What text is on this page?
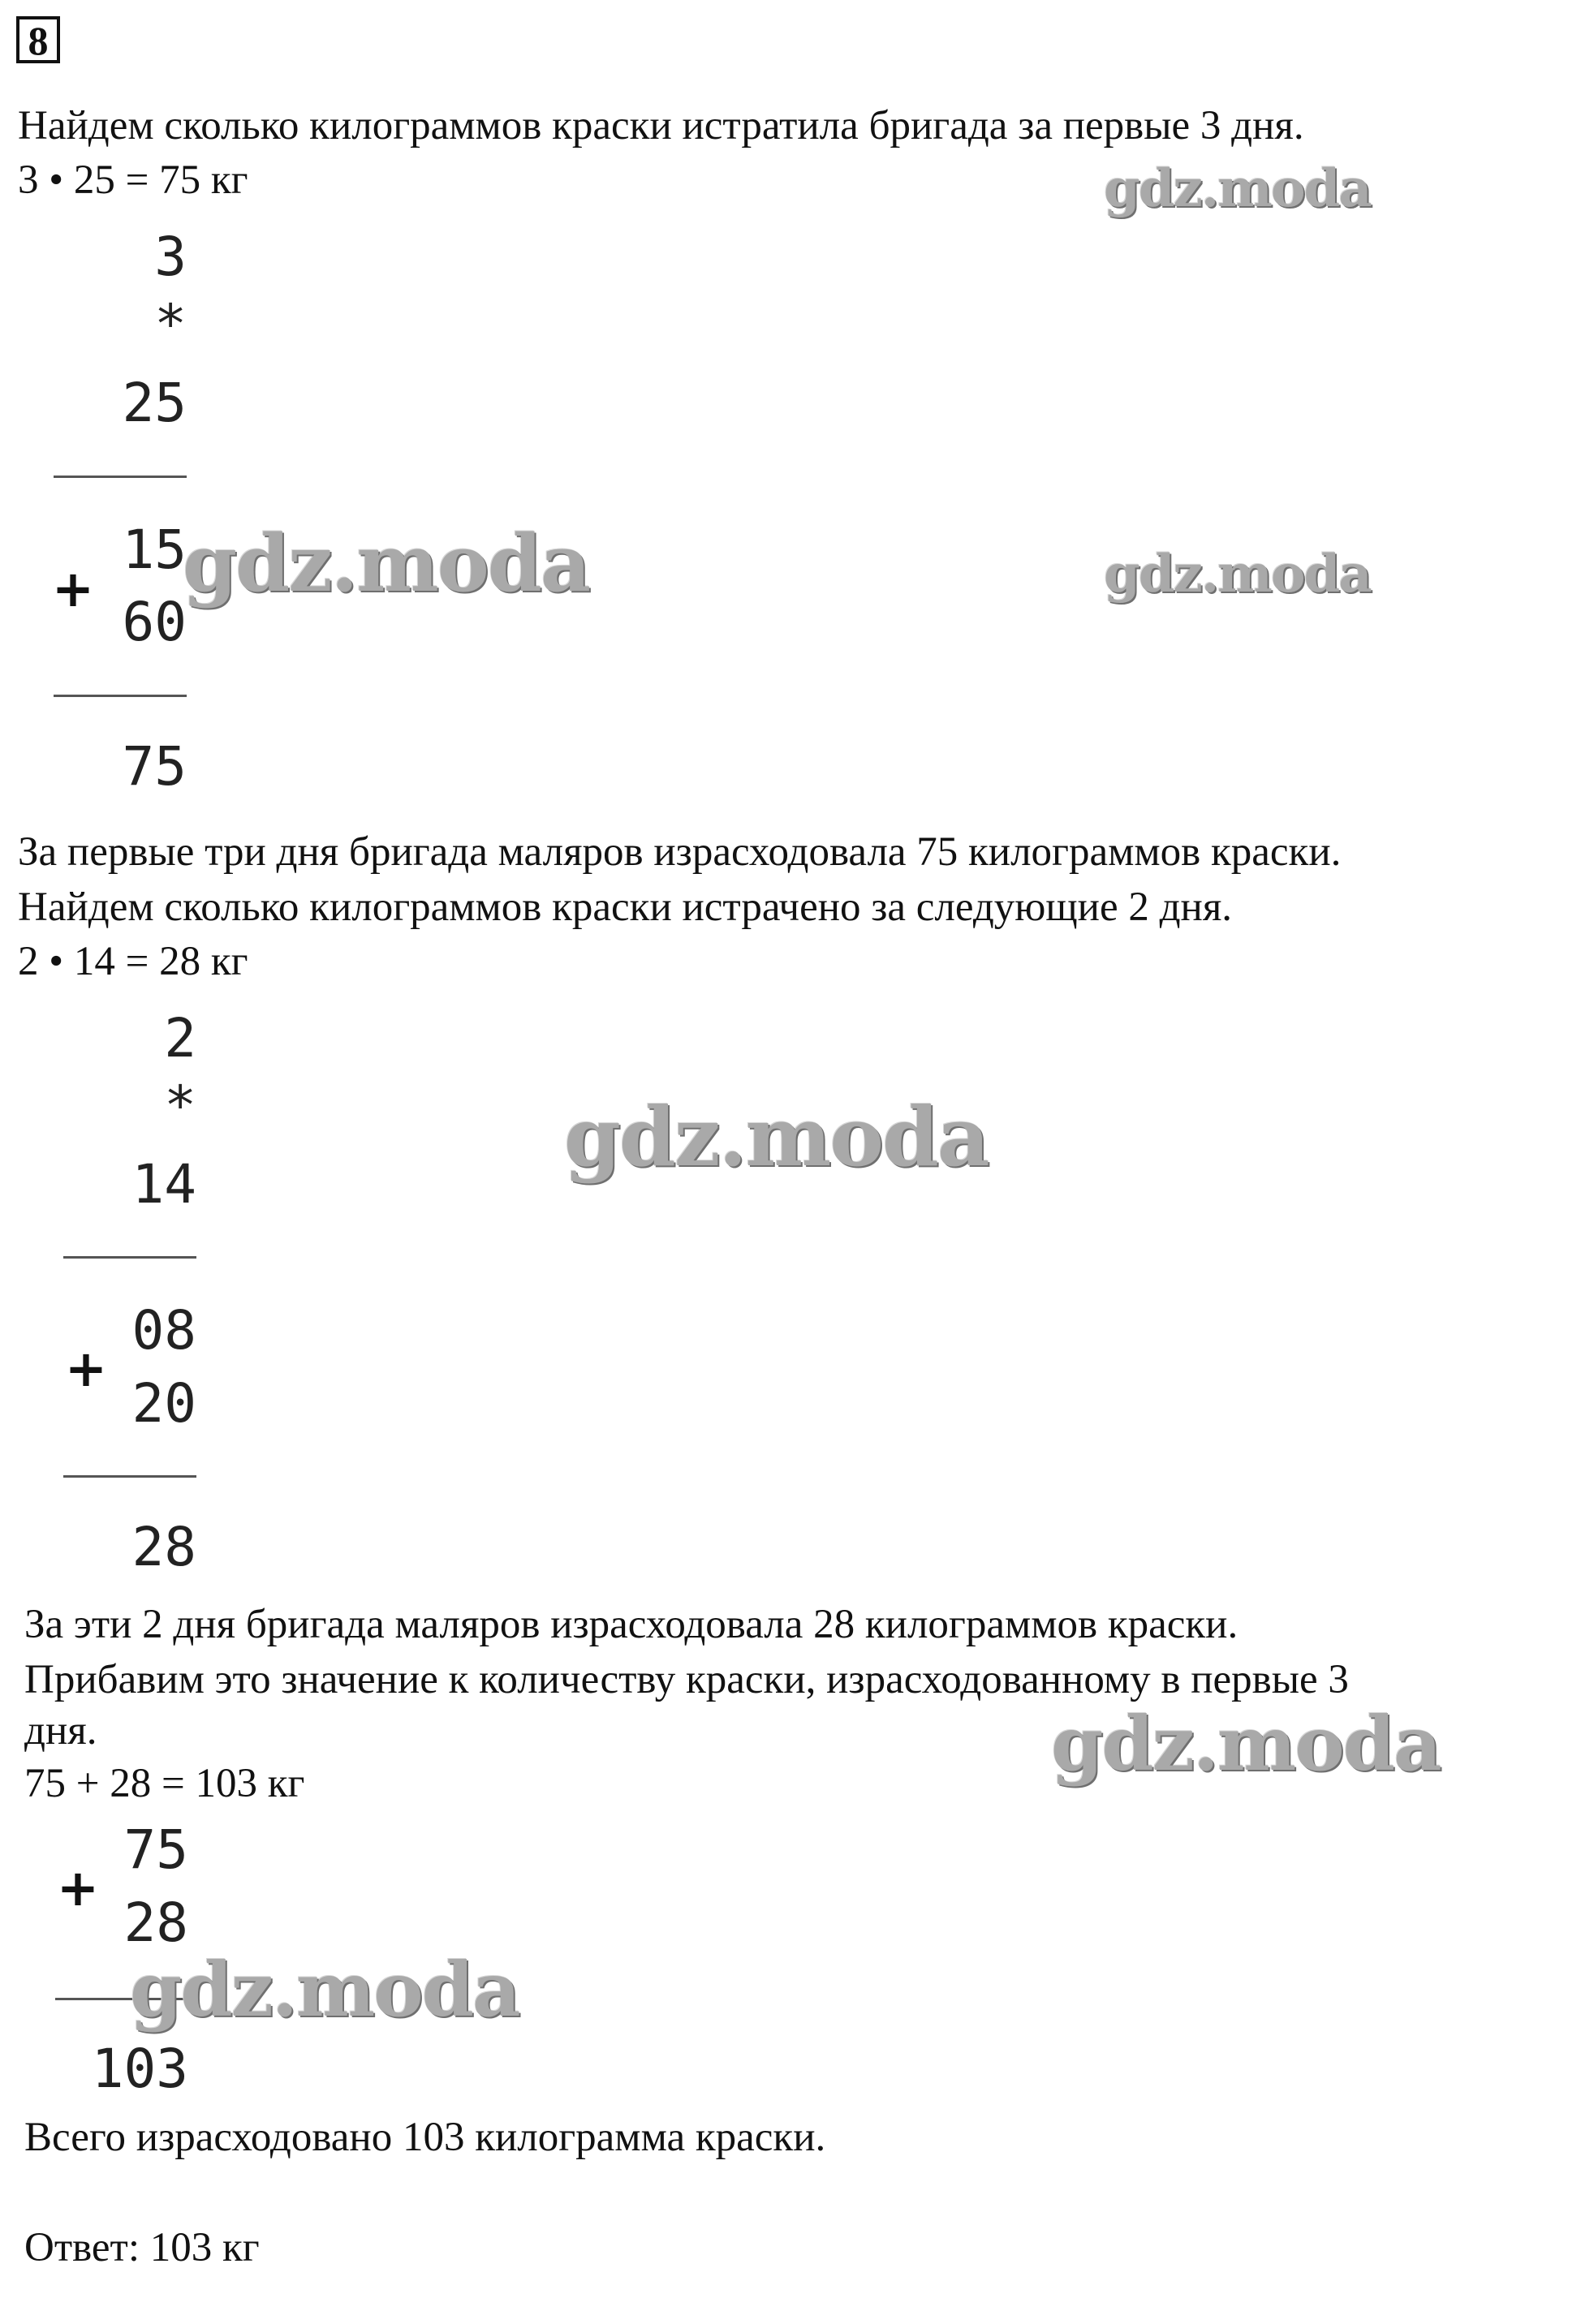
8
Найдем сколько килограммов краски истратила бригада за первые 3 дня.
3 • 25 = 75 кг
3
*
25
15
+
60
75
За первые три дня бригада маляров израсходовала 75 килограммов краски.
Найдем сколько килограммов краски истрачено за следующие 2 дня.
2 • 14 = 28 кг
2
*
14
08
+
20
28
За эти 2 дня бригада маляров израсходовала 28 килограммов краски.
Прибавим это значение к количеству краски, израсходованному в первые 3
дня.
75 + 28 = 103 кг
75
+
28
103
Всего израсходовано 103 килограмма краски.
Ответ: 103 кг
gdz.moda
gdz.moda	gdz.moda
gdz.moda
gdz.moda
gdz.moda
